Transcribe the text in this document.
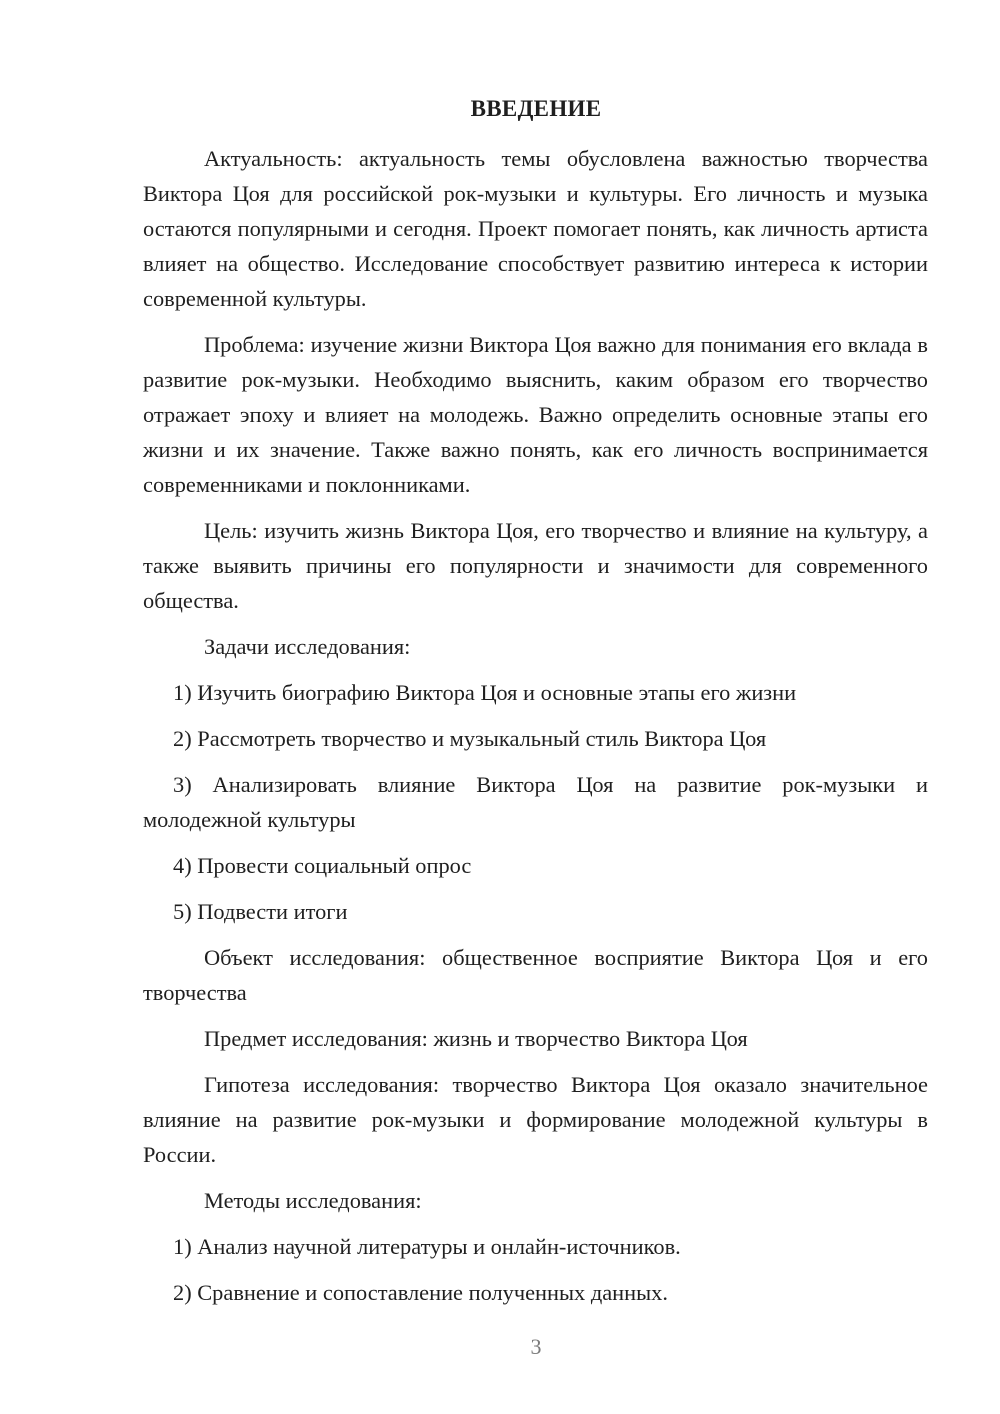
ВВЕДЕНИЕ

Актуальность: актуальность темы обусловлена важностью творчества Виктора Цоя для российской рок-музыки и культуры. Его личность и музыка остаются популярными и сегодня. Проект помогает понять, как личность артиста влияет на общество. Исследование способствует развитию интереса к истории современной культуры.

Проблема: изучение жизни Виктора Цоя важно для понимания его вклада в развитие рок-музыки. Необходимо выяснить, каким образом его творчество отражает эпоху и влияет на молодежь. Важно определить основные этапы его жизни и их значение. Также важно понять, как его личность воспринимается современниками и поклонниками.

Цель: изучить жизнь Виктора Цоя, его творчество и влияние на культуру, а также выявить причины его популярности и значимости для современного общества.

Задачи исследования:

1) Изучить биографию Виктора Цоя и основные этапы его жизни

2) Рассмотреть творчество и музыкальный стиль Виктора Цоя

3) Анализировать влияние Виктора Цоя на развитие рок-музыки и молодежной культуры

4) Провести социальный опрос

5) Подвести итоги

Объект исследования: общественное восприятие Виктора Цоя и его творчества

Предмет исследования: жизнь и творчество Виктора Цоя

Гипотеза исследования: творчество Виктора Цоя оказало значительное влияние на развитие рок-музыки и формирование молодежной культуры в России.

Методы исследования:

1) Анализ научной литературы и онлайн-источников.

2) Сравнение и сопоставление полученных данных.

3
